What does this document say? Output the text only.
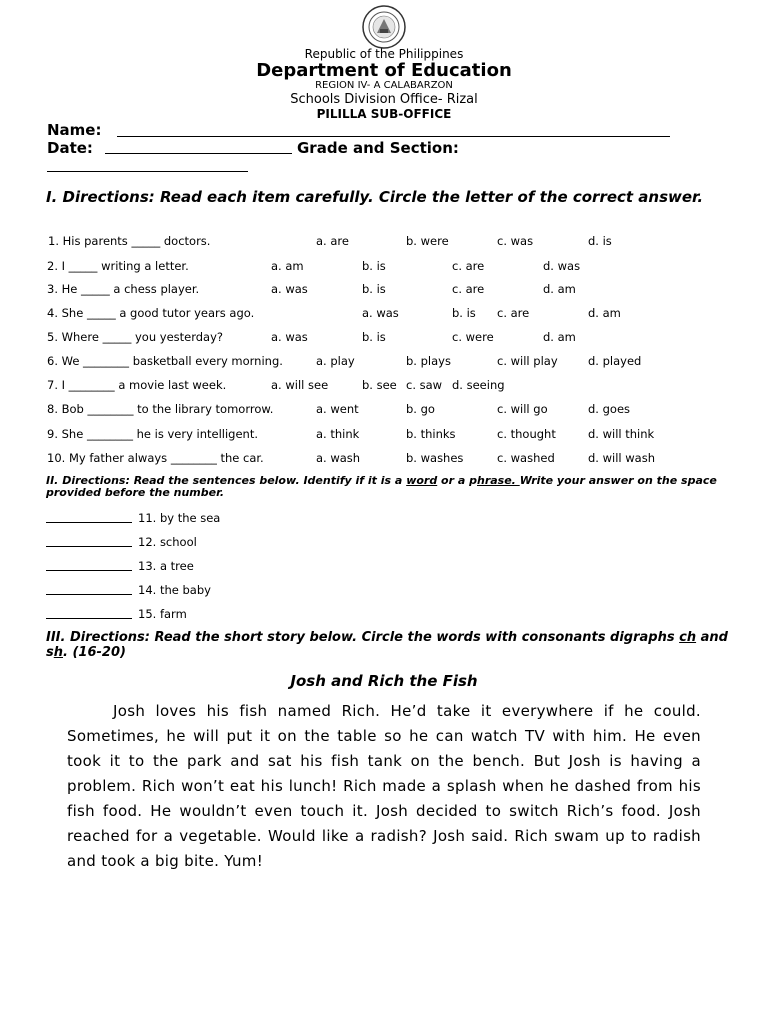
Republic of the Philippines
Department of Education
REGION IV- A CALABARZON
Schools Division Office- Rizal
PILILLA SUB-OFFICE
Name:
Date:	Grade and Section:
I. Directions: Read each item carefully. Circle the letter of the correct answer.
1. His parents _____ doctors.	a. are	b. were	c. was	d. is
2. I _____ writing a letter.	a. am	b. is	c. are	d. was
3. He _____ a chess player.	a. was	b. is	c. are	d. am
4. She _____ a good tutor years ago.	a. was	b. is c. are	d. am
5. Where _____ you yesterday?	a. was	b. is	c. were	d. am
6. We ________ basketball every morning.	a. play	b. plays	c. will play	d. played
7. I ________ a movie last week.	a. will see	b. see c. saw d. seeing
8. Bob ________ to the library tomorrow.	a. went	b. go	c. will go	d. goes
9. She ________ he is very intelligent.	a. think	b. thinks	c. thought	d. will think
10. My father always ________ the car.	a. wash	b. washes	c. washed	d. will wash
II. Directions: Read the sentences below. Identify if it is a word or a phrase. Write your answer on the space provided before the number.
11. by the sea
12. school
13. a tree
14. the baby
15. farm
III. Directions: Read the short story below. Circle the words with consonants digraphs ch and sh. (16-20)
Josh and Rich the Fish
Josh loves his fish named Rich. He’d take it everywhere if he could. Sometimes, he will put it on the table so he can watch TV with him. He even took it to the park and sat his fish tank on the bench. But Josh is having a problem. Rich won’t eat his lunch! Rich made a splash when he dashed from his fish food. He wouldn’t even touch it. Josh decided to switch Rich’s food. Josh reached for a vegetable. Would like a radish? Josh said. Rich swam up to radish and took a big bite. Yum!
